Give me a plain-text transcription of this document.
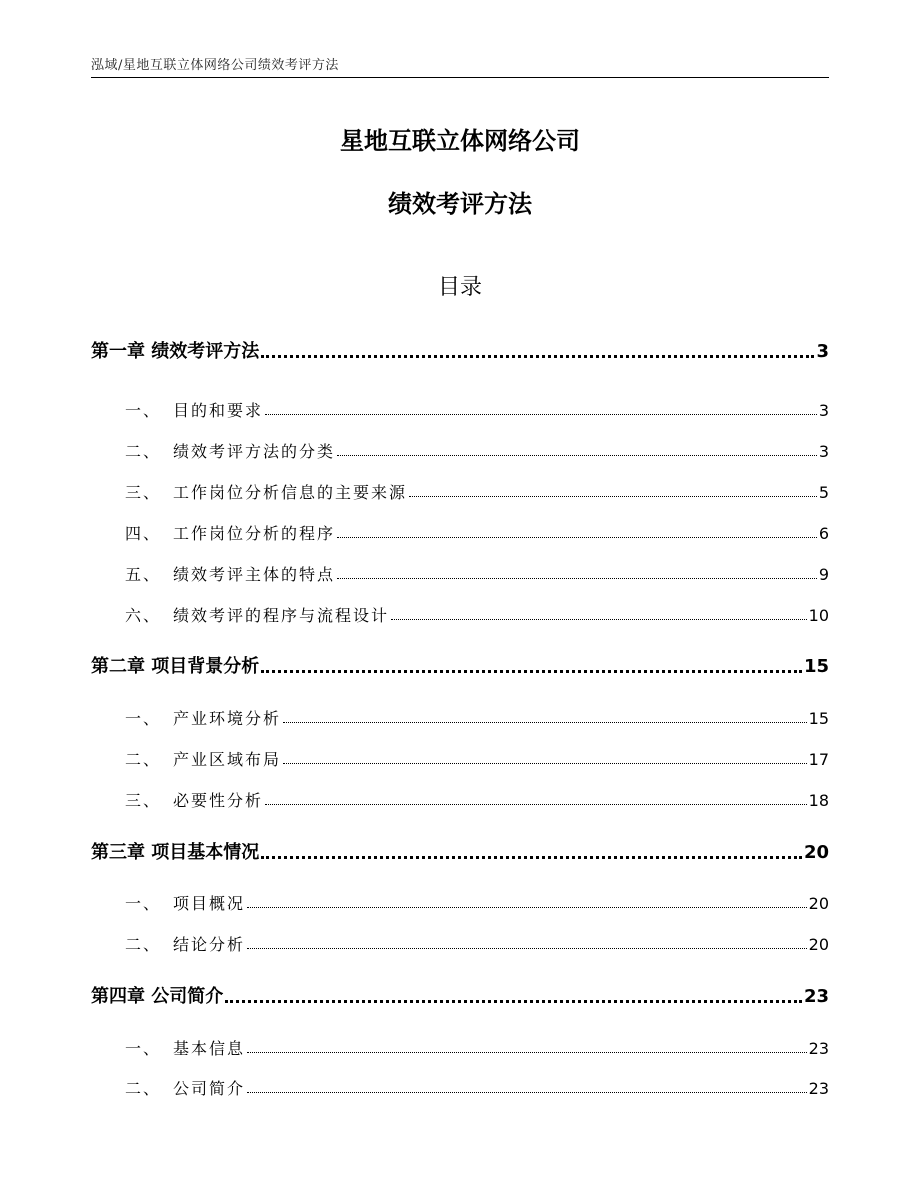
泓域/星地互联立体网络公司绩效考评方法
星地互联立体网络公司
绩效考评方法
目录
第一章 绩效考评方法	3
一、 目的和要求	3
二、 绩效考评方法的分类	3
三、 工作岗位分析信息的主要来源	5
四、 工作岗位分析的程序	6
五、 绩效考评主体的特点	9
六、 绩效考评的程序与流程设计	10
第二章 项目背景分析	15
一、 产业环境分析	15
二、 产业区域布局	17
三、 必要性分析	18
第三章 项目基本情况	20
一、 项目概况	20
二、 结论分析	20
第四章 公司简介	23
一、 基本信息	23
二、 公司简介	23
